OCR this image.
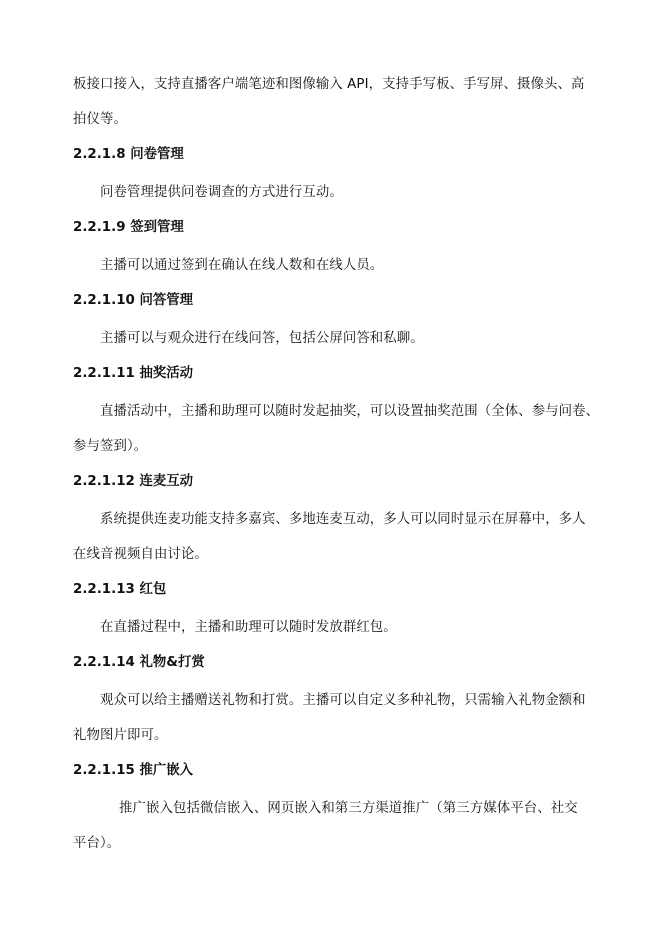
板接口接入，支持直播客户端笔迹和图像输入 API，支持手写板、手写屏、摄像头、高
拍仪等。
2.2.1.8 问卷管理
问卷管理提供问卷调查的方式进行互动。
2.2.1.9 签到管理
主播可以通过签到在确认在线人数和在线人员。
2.2.1.10 问答管理
主播可以与观众进行在线问答，包括公屏问答和私聊。
2.2.1.11 抽奖活动
直播活动中，主播和助理可以随时发起抽奖，可以设置抽奖范围（全体、参与问卷、
参与签到）。
2.2.1.12 连麦互动
系统提供连麦功能支持多嘉宾、多地连麦互动，多人可以同时显示在屏幕中，多人
在线音视频自由讨论。
2.2.1.13 红包
在直播过程中，主播和助理可以随时发放群红包。
2.2.1.14 礼物&打赏
观众可以给主播赠送礼物和打赏。主播可以自定义多种礼物，只需输入礼物金额和
礼物图片即可。
2.2.1.15 推广嵌入
推广嵌入包括微信嵌入、网页嵌入和第三方渠道推广（第三方媒体平台、社交
平台）。
